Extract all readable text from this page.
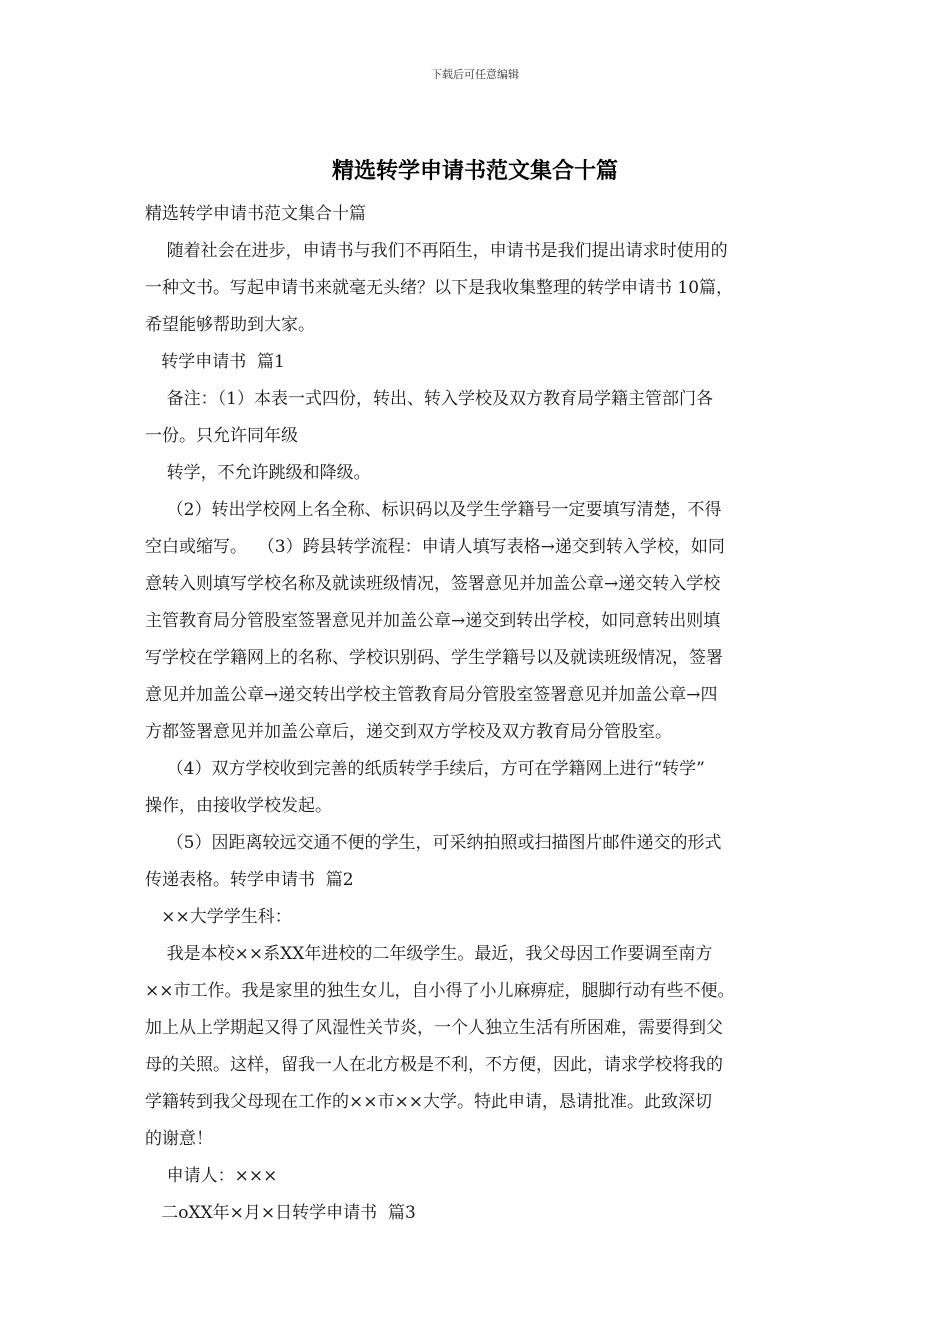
下载后可任意编辑
精选转学申请书范文集合十篇

精选转学申请书范文集合十篇

随着社会在进步，申请书与我们不再陌生，申请书是我们提出请求时使用的

一种文书。写起申请书来就毫无头绪？以下是我收集整理的转学申请书 10篇，

希望能够帮助到大家。

转学申请书  篇1

备注：（1）本表一式四份，转出、转入学校及双方教育局学籍主管部门各

一份。只允许同年级

转学，不允许跳级和降级。

（2）转出学校网上名全称、标识码以及学生学籍号一定要填写清楚，不得

空白或缩写。  （3）跨县转学流程：申请人填写表格→递交到转入学校，如同

意转入则填写学校名称及就读班级情况，签署意见并加盖公章→递交转入学校

主管教育局分管股室签署意见并加盖公章→递交到转出学校，如同意转出则填

写学校在学籍网上的名称、学校识别码、学生学籍号以及就读班级情况，签署

意见并加盖公章→递交转出学校主管教育局分管股室签署意见并加盖公章→四

方都签署意见并加盖公章后，递交到双方学校及双方教育局分管股室。

（4）双方学校收到完善的纸质转学手续后，方可在学籍网上进行“转学”

操作，由接收学校发起。

（5）因距离较远交通不便的学生，可采纳拍照或扫描图片邮件递交的形式

传递表格。转学申请书  篇2

××大学学生科：

我是本校××系XX年进校的二年级学生。最近，我父母因工作要调至南方

××市工作。我是家里的独生女儿，自小得了小儿麻痹症，腿脚行动有些不便。

加上从上学期起又得了风湿性关节炎，一个人独立生活有所困难，需要得到父

母的关照。这样，留我一人在北方极是不利，不方便，因此，请求学校将我的

学籍转到我父母现在工作的××市××大学。特此申请，恳请批准。此致深切

的谢意！

申请人：×××

二oXX年×月×日转学申请书  篇3
